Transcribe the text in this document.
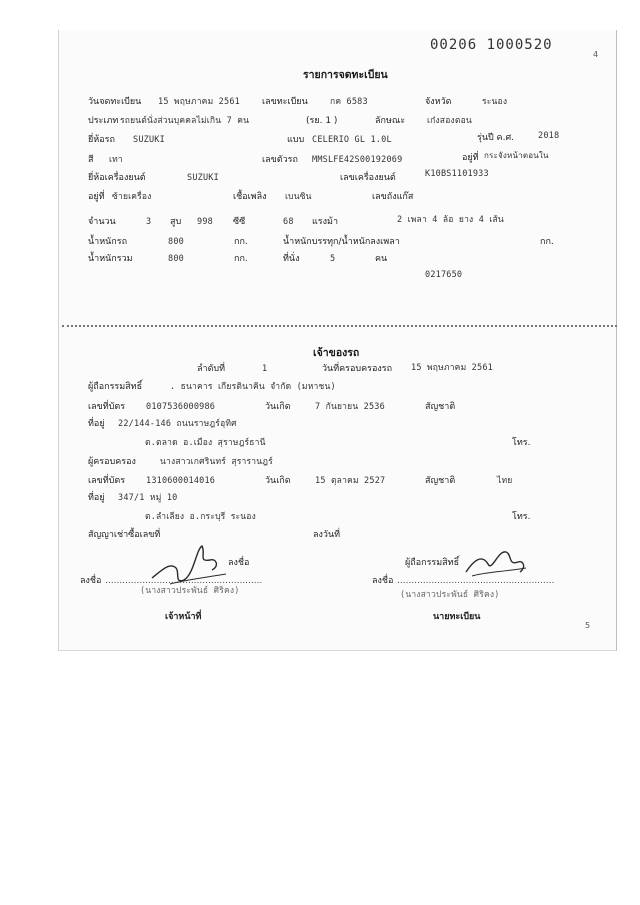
00206 1000520
4
รายการจดทะเบียน
วันจดทะเบียน 15 พฤษภาคม 2561 เลขทะเบียน	กค 6583	จังหวัด	ระนอง
ประเภท รถยนต์นั่งส่วนบุคคลไม่เกิน 7 คน	(รย. 1 )	ลักษณะ	เก๋งสองตอน
ยี่ห้อรถ SUZUKI	แบบ CELERIO GL 1.0L	รุ่นปี ค.ศ.	2018
สี เทา	เลขตัวรถ MMSLFE42S00192069	อยู่ที่ กระจังหน้าตอนใน
ยี่ห้อเครื่องยนต์	SUZUKI	เลขเครื่องยนต์	K10BS1101933
อยู่ที่ ซ้ายเครื่อง	เชื้อเพลิง เบนซิน	เลขถังแก๊ส
จำนวน	3 สูบ 998 ซีซี	68 แรงม้า	2 เพลา 4 ล้อ ยาง 4 เส้น
น้ำหนักรถ	800	กก.	น้ำหนักบรรทุก/น้ำหนักลงเพลา	กก.
น้ำหนักรวม	800	กก.	ที่นั่ง	5	คน
0217650
เจ้าของรถ
ลำดับที่	1	วันที่ครอบครองรถ 15 พฤษภาคม 2561
ผู้ถือกรรมสิทธิ์	. ธนาคาร เกียรตินาคิน จำกัด (มหาชน)
เลขที่บัตร 0107536000986	วันเกิด	7 กันยายน 2536	สัญชาติ
ที่อยู่ 22/144-146 ถนนราษฎร์อุทิศ
ต.ตลาด อ.เมือง สุราษฎร์ธานี	โทร.
ผู้ครอบครอง	นางสาวเกศรินทร์ สุรารานฎร์
เลขที่บัตร 1310600014016	วันเกิด	15 ตุลาคม 2527	สัญชาติ	ไทย
ที่อยู่ 347/1 หมู่ 10
ต.ลำเลียง อ.กระบุรี ระนอง	โทร.
สัญญาเช่าซื้อเลขที่	ลงวันที่
ลงชื่อ	ผู้ถือกรรมสิทธิ์
ลงชื่อ .......................................................	ลงชื่อ .......................................................
(นางสาวประพันธ์ ศิริคง)	(นางสาวประพันธ์ ศิริคง)
เจ้าหน้าที่	นายทะเบียน
5
